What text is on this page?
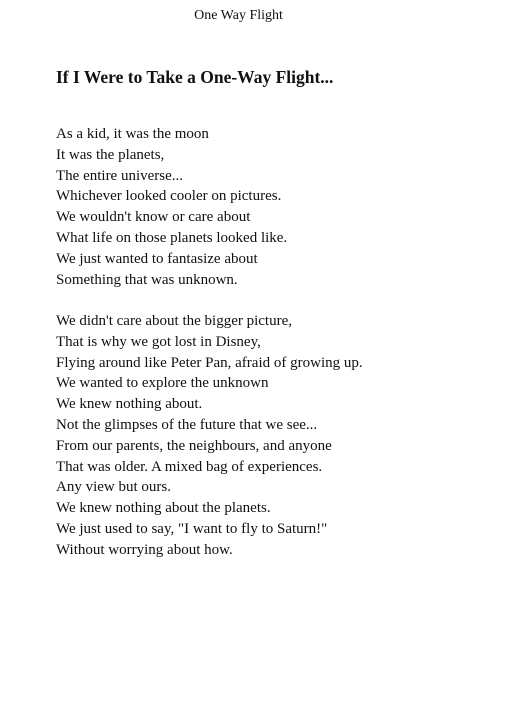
One Way Flight
If I Were to Take a One-Way Flight...
As a kid, it was the moon
It was the planets,
The entire universe...
Whichever looked cooler on pictures.
We wouldn't know or care about
What life on those planets looked like.
We just wanted to fantasize about
Something that was unknown.
We didn't care about the bigger picture,
That is why we got lost in Disney,
Flying around like Peter Pan, afraid of growing up.
We wanted to explore the unknown
We knew nothing about.
Not the glimpses of the future that we see...
From our parents, the neighbours, and anyone
That was older. A mixed bag of experiences.
Any view but ours.
We knew nothing about the planets.
We just used to say, "I want to fly to Saturn!"
Without worrying about how.
